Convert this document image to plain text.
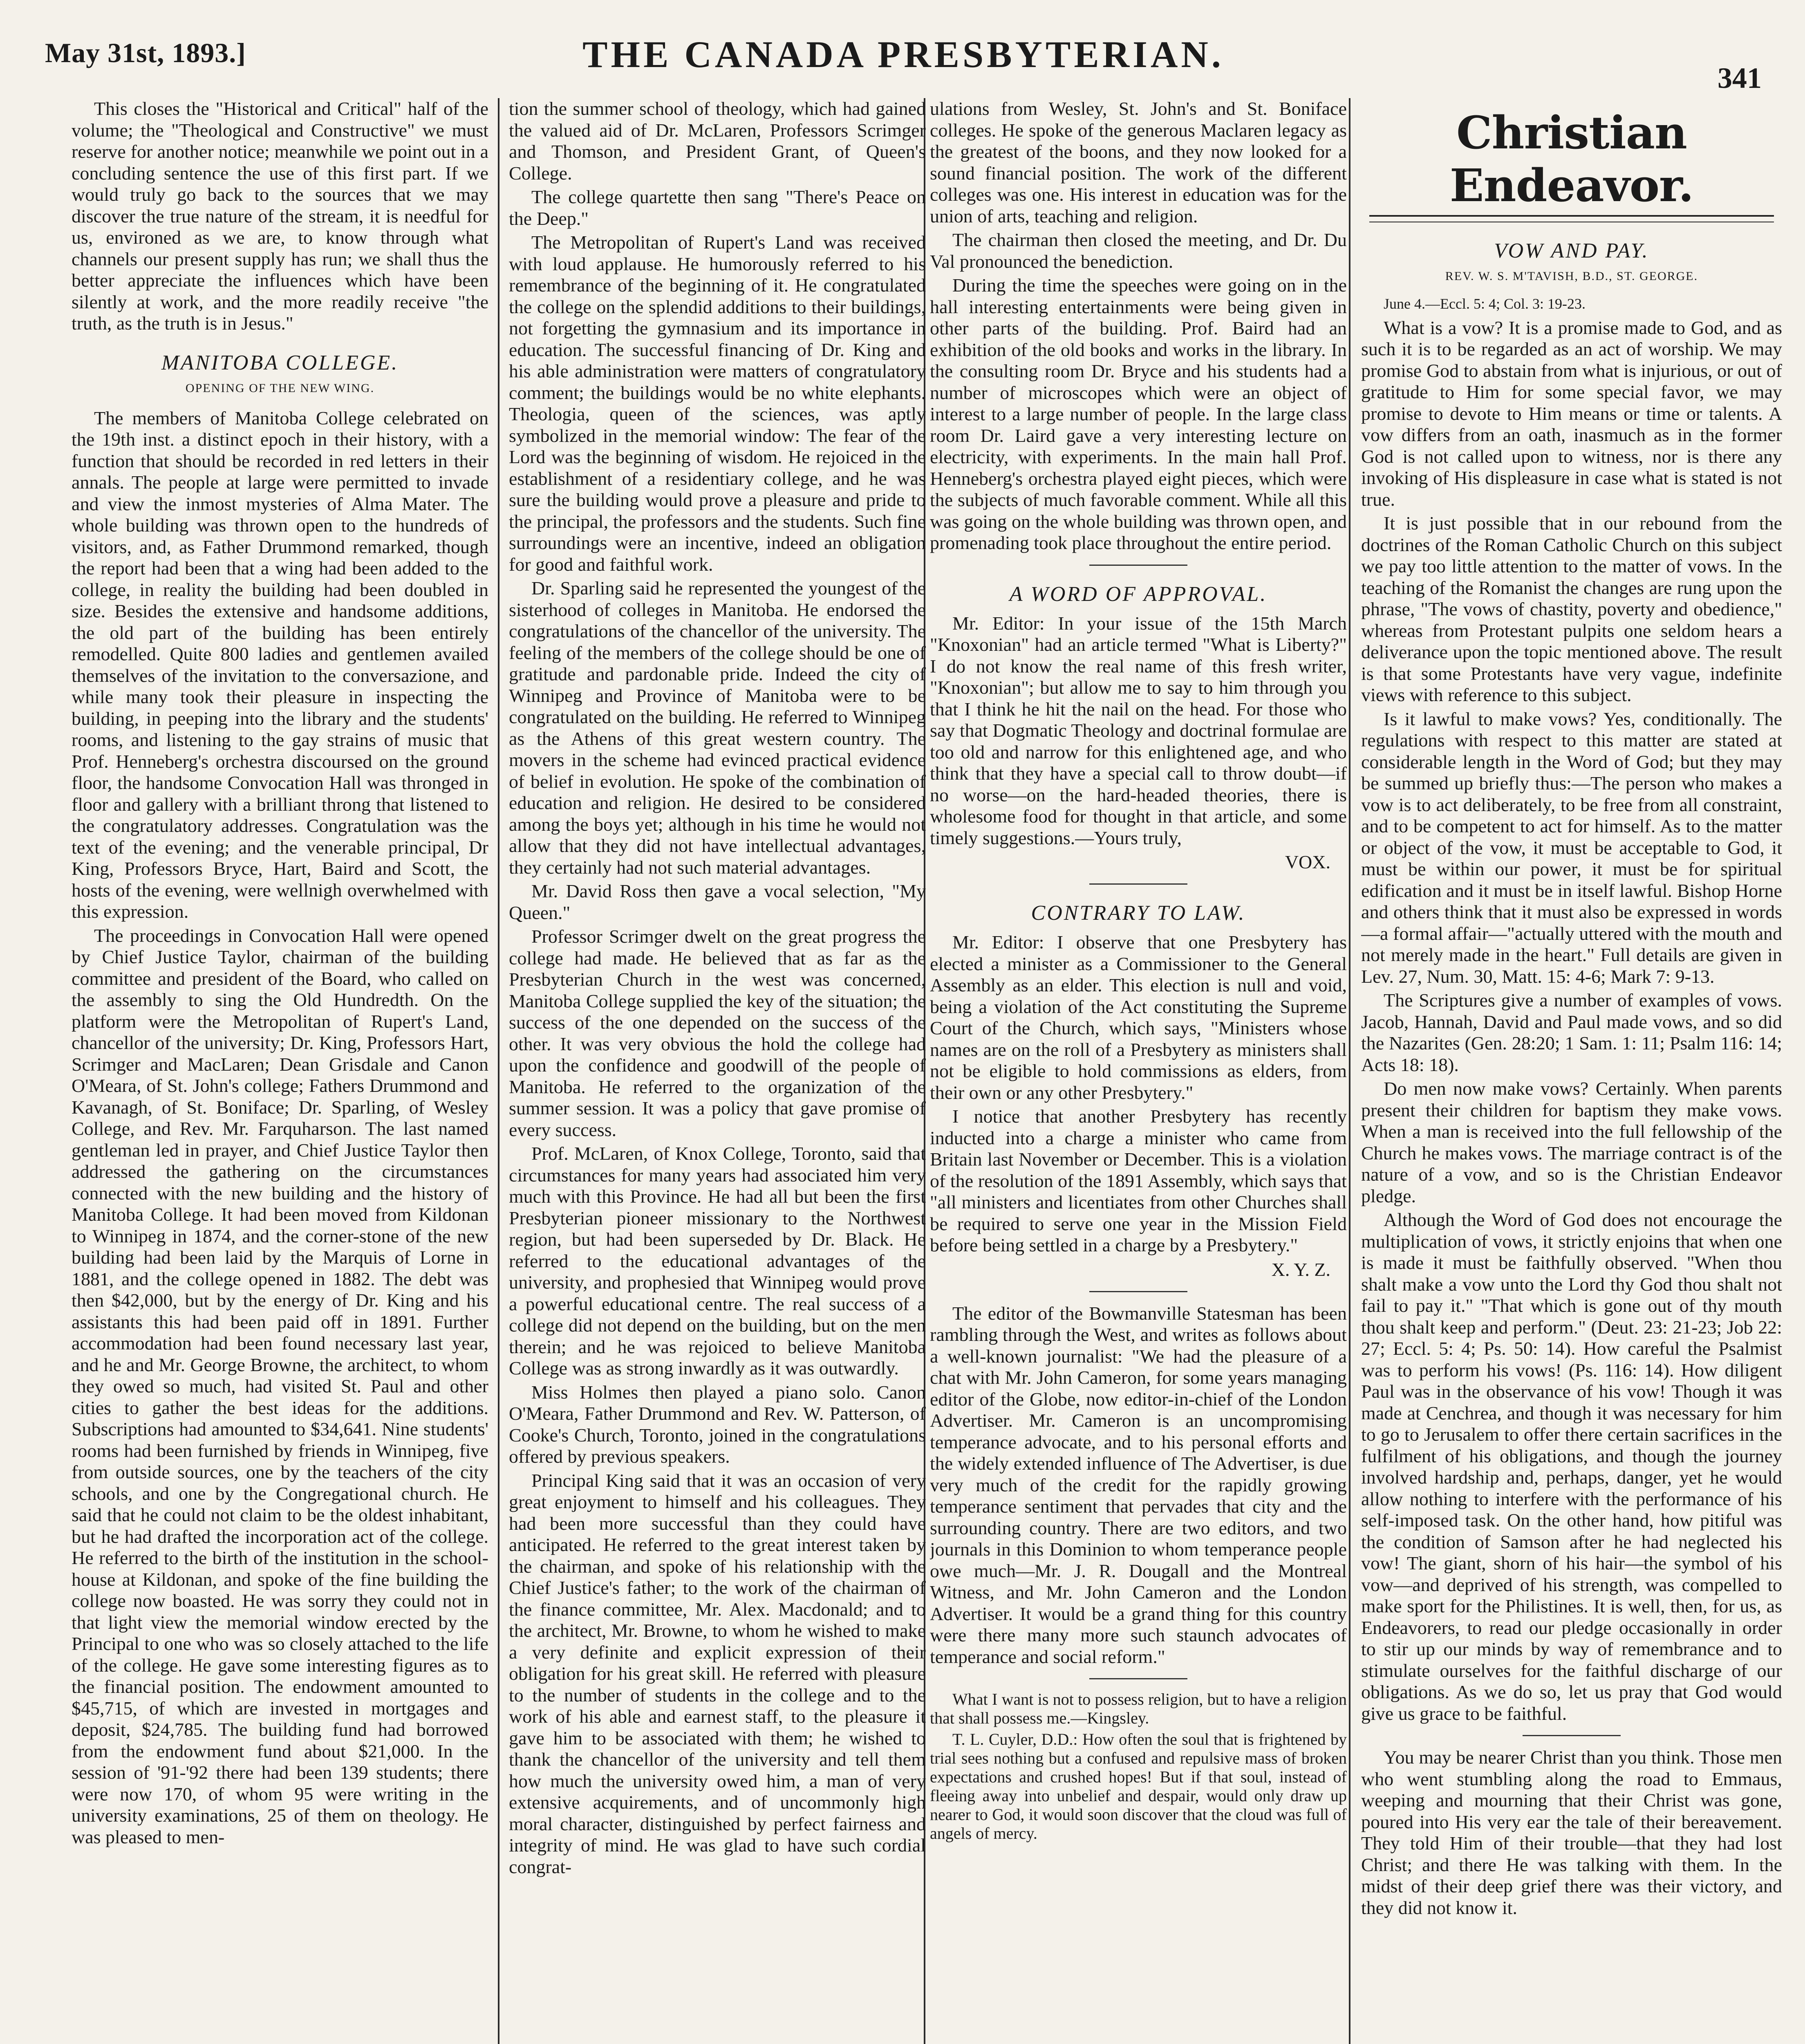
May 31st, 1893.]	THE CANADA PRESBYTERIAN.
341

This closes the "Historical and Critical" half of the volume; the "Theological and Constructive" we must reserve for another notice; meanwhile we point out in a concluding sentence the use of this first part. If we would truly go back to the sources that we may discover the true nature of the stream, it is needful for us, environed as we are, to know through what channels our present supply has run; we shall thus the better appreciate the influences which have been silently at work, and the more readily receive "the truth, as the truth is in Jesus."

MANITOBA COLLEGE.
OPENING OF THE NEW WING.

The members of Manitoba College celebrated on the 19th inst. a distinct epoch in their history, with a function that should be recorded in red letters in their annals. The people at large were permitted to invade and view the inmost mysteries of Alma Mater. The whole building was thrown open to the hundreds of visitors, and, as Father Drummond remarked, though the report had been that a wing had been added to the college, in reality the building had been doubled in size. Besides the extensive and handsome additions, the old part of the building has been entirely remodelled. Quite 800 ladies and gentlemen availed themselves of the invitation to the conversazione, and while many took their pleasure in inspecting the building, in peeping into the library and the students' rooms, and listening to the gay strains of music that Prof. Henneberg's orchestra discoursed on the ground floor, the handsome Convocation Hall was thronged in floor and gallery with a brilliant throng that listened to the congratulatory addresses. Congratulation was the text of the evening; and the venerable principal, Dr King, Professors Bryce, Hart, Baird and Scott, the hosts of the evening, were wellnigh overwhelmed with this expression.

The proceedings in Convocation Hall were opened by Chief Justice Taylor, chairman of the building committee and president of the Board, who called on the assembly to sing the Old Hundredth. On the platform were the Metropolitan of Rupert's Land, chancellor of the university; Dr. King, Professors Hart, Scrimger and MacLaren; Dean Grisdale and Canon O'Meara, of St. John's college; Fathers Drummond and Kavanagh, of St. Boniface; Dr. Sparling, of Wesley College, and Rev. Mr. Farquharson. The last named gentleman led in prayer, and Chief Justice Taylor then addressed the gathering on the circumstances connected with the new building and the history of Manitoba College. It had been moved from Kildonan to Winnipeg in 1874, and the corner-stone of the new building had been laid by the Marquis of Lorne in 1881, and the college opened in 1882. The debt was then $42,000, but by the energy of Dr. King and his assistants this had been paid off in 1891. Further accommodation had been found necessary last year, and he and Mr. George Browne, the architect, to whom they owed so much, had visited St. Paul and other cities to gather the best ideas for the additions. Subscriptions had amounted to $34,641. Nine students' rooms had been furnished by friends in Winnipeg, five from outside sources, one by the teachers of the city schools, and one by the Congregational church. He said that he could not claim to be the oldest inhabitant, but he had drafted the incorporation act of the college. He referred to the birth of the institution in the school-house at Kildonan, and spoke of the fine building the college now boasted. He was sorry they could not in that light view the memorial window erected by the Principal to one who was so closely attached to the life of the college. He gave some interesting figures as to the financial position. The endowment amounted to $45,715, of which are invested in mortgages and deposit, $24,785. The building fund had borrowed from the endowment fund about $21,000. In the session of '91-'92 there had been 139 students; there were now 170, of whom 95 were writing in the university examinations, 25 of them on theology. He was pleased to men-

tion the summer school of theology, which had gained the valued aid of Dr. McLaren, Professors Scrimger and Thomson, and President Grant, of Queen's College.

The college quartette then sang "There's Peace on the Deep."

The Metropolitan of Rupert's Land was received with loud applause. He humorously referred to his remembrance of the beginning of it. He congratulated the college on the splendid additions to their buildings, not forgetting the gymnasium and its importance in education. The successful financing of Dr. King and his able administration were matters of congratulatory comment; the buildings would be no white elephants. Theologia, queen of the sciences, was aptly symbolized in the memorial window: The fear of the Lord was the beginning of wisdom. He rejoiced in the establishment of a residentiary college, and he was sure the building would prove a pleasure and pride to the principal, the professors and the students. Such fine surroundings were an incentive, indeed an obligation for good and faithful work.

Dr. Sparling said he represented the youngest of the sisterhood of colleges in Manitoba. He endorsed the congratulations of the chancellor of the university. The feeling of the members of the college should be one of gratitude and pardonable pride. Indeed the city of Winnipeg and Province of Manitoba were to be congratulated on the building. He referred to Winnipeg as the Athens of this great western country. The movers in the scheme had evinced practical evidence of belief in evolution. He spoke of the combination of education and religion. He desired to be considered among the boys yet; although in his time he would not allow that they did not have intellectual advantages, they certainly had not such material advantages.

Mr. David Ross then gave a vocal selection, "My Queen."

Professor Scrimger dwelt on the great progress the college had made. He believed that as far as the Presbyterian Church in the west was concerned, Manitoba College supplied the key of the situation; the success of the one depended on the success of the other. It was very obvious the hold the college had upon the confidence and goodwill of the people of Manitoba. He referred to the organization of the summer session. It was a policy that gave promise of every success.

Prof. McLaren, of Knox College, Toronto, said that circumstances for many years had associated him very much with this Province. He had all but been the first Presbyterian pioneer missionary to the Northwest region, but had been superseded by Dr. Black. He referred to the educational advantages of the university, and prophesied that Winnipeg would prove a powerful educational centre. The real success of a college did not depend on the building, but on the men therein; and he was rejoiced to believe Manitoba College was as strong inwardly as it was outwardly.

Miss Holmes then played a piano solo. Canon O'Meara, Father Drummond and Rev. W. Patterson, of Cooke's Church, Toronto, joined in the congratulations offered by previous speakers.

Principal King said that it was an occasion of very great enjoyment to himself and his colleagues. They had been more successful than they could have anticipated. He referred to the great interest taken by the chairman, and spoke of his relationship with the Chief Justice's father; to the work of the chairman of the finance committee, Mr. Alex. Macdonald; and to the architect, Mr. Browne, to whom he wished to make a very definite and explicit expression of their obligation for his great skill. He referred with pleasure to the number of students in the college and to the work of his able and earnest staff, to the pleasure it gave him to be associated with them; he wished to thank the chancellor of the university and tell them how much the university owed him, a man of very extensive acquirements, and of uncommonly high moral character, distinguished by perfect fairness and integrity of mind. He was glad to have such cordial congrat-

ulations from Wesley, St. John's and St. Boniface colleges. He spoke of the generous Maclaren legacy as the greatest of the boons, and they now looked for a sound financial position. The work of the different colleges was one. His interest in education was for the union of arts, teaching and religion.

The chairman then closed the meeting, and Dr. Du Val pronounced the benediction.

During the time the speeches were going on in the hall interesting entertainments were being given in other parts of the building. Prof. Baird had an exhibition of the old books and works in the library. In the consulting room Dr. Bryce and his students had a number of microscopes which were an object of interest to a large number of people. In the large class room Dr. Laird gave a very interesting lecture on electricity, with experiments. In the main hall Prof. Henneberg's orchestra played eight pieces, which were the subjects of much favorable comment. While all this was going on the whole building was thrown open, and promenading took place throughout the entire period.

A WORD OF APPROVAL.

Mr. Editor: In your issue of the 15th March "Knoxonian" had an article termed "What is Liberty?" I do not know the real name of this fresh writer, "Knoxonian"; but allow me to say to him through you that I think he hit the nail on the head. For those who say that Dogmatic Theology and doctrinal formulae are too old and narrow for this enlightened age, and who think that they have a special call to throw doubt—if no worse—on the hard-headed theories, there is wholesome food for thought in that article, and some timely suggestions.—Yours truly,

VOX.
CONTRARY TO LAW.

Mr. Editor: I observe that one Presbytery has elected a minister as a Commissioner to the General Assembly as an elder. This election is null and void, being a violation of the Act constituting the Supreme Court of the Church, which says, "Ministers whose names are on the roll of a Presbytery as ministers shall not be eligible to hold commissions as elders, from their own or any other Presbytery."

I notice that another Presbytery has recently inducted into a charge a minister who came from Britain last November or December. This is a violation of the resolution of the 1891 Assembly, which says that "all ministers and licentiates from other Churches shall be required to serve one year in the Mission Field before being settled in a charge by a Presbytery."

X. Y. Z.

The editor of the Bowmanville Statesman has been rambling through the West, and writes as follows about a well-known journalist: "We had the pleasure of a chat with Mr. John Cameron, for some years managing editor of the Globe, now editor-in-chief of the London Advertiser. Mr. Cameron is an uncompromising temperance advocate, and to his personal efforts and the widely extended influence of The Advertiser, is due very much of the credit for the rapidly growing temperance sentiment that pervades that city and the surrounding country. There are two editors, and two journals in this Dominion to whom temperance people owe much—Mr. J. R. Dougall and the Montreal Witness, and Mr. John Cameron and the London Advertiser. It would be a grand thing for this country were there many more such staunch advocates of temperance and social reform."

What I want is not to possess religion, but to have a religion that shall possess me.—Kingsley.

T. L. Cuyler, D.D.: How often the soul that is frightened by trial sees nothing but a confused and repulsive mass of broken expectations and crushed hopes! But if that soul, instead of fleeing away into unbelief and despair, would only draw up nearer to God, it would soon discover that the cloud was full of angels of mercy.

Christian Endeavor.
VOW AND PAY.
REV. W. S. M'TAVISH, B.D., ST. GEORGE.

June 4.—Eccl. 5: 4; Col. 3: 19-23.

What is a vow? It is a promise made to God, and as such it is to be regarded as an act of worship. We may promise God to abstain from what is injurious, or out of gratitude to Him for some special favor, we may promise to devote to Him means or time or talents. A vow differs from an oath, inasmuch as in the former God is not called upon to witness, nor is there any invoking of His displeasure in case what is stated is not true.

It is just possible that in our rebound from the doctrines of the Roman Catholic Church on this subject we pay too little attention to the matter of vows. In the teaching of the Romanist the changes are rung upon the phrase, "The vows of chastity, poverty and obedience," whereas from Protestant pulpits one seldom hears a deliverance upon the topic mentioned above. The result is that some Protestants have very vague, indefinite views with reference to this subject.

Is it lawful to make vows? Yes, conditionally. The regulations with respect to this matter are stated at considerable length in the Word of God; but they may be summed up briefly thus:—The person who makes a vow is to act deliberately, to be free from all constraint, and to be competent to act for himself. As to the matter or object of the vow, it must be acceptable to God, it must be within our power, it must be for spiritual edification and it must be in itself lawful. Bishop Horne and others think that it must also be expressed in words—a formal affair—"actually uttered with the mouth and not merely made in the heart." Full details are given in Lev. 27, Num. 30, Matt. 15: 4-6; Mark 7: 9-13.

The Scriptures give a number of examples of vows. Jacob, Hannah, David and Paul made vows, and so did the Nazarites (Gen. 28:20; 1 Sam. 1: 11; Psalm 116: 14; Acts 18: 18).

Do men now make vows? Certainly. When parents present their children for baptism they make vows. When a man is received into the full fellowship of the Church he makes vows. The marriage contract is of the nature of a vow, and so is the Christian Endeavor pledge.

Although the Word of God does not encourage the multiplication of vows, it strictly enjoins that when one is made it must be faithfully observed. "When thou shalt make a vow unto the Lord thy God thou shalt not fail to pay it." "That which is gone out of thy mouth thou shalt keep and perform." (Deut. 23: 21-23; Job 22: 27; Eccl. 5: 4; Ps. 50: 14). How careful the Psalmist was to perform his vows! (Ps. 116: 14). How diligent Paul was in the observance of his vow! Though it was made at Cenchrea, and though it was necessary for him to go to Jerusalem to offer there certain sacrifices in the fulfilment of his obligations, and though the journey involved hardship and, perhaps, danger, yet he would allow nothing to interfere with the performance of his self-imposed task. On the other hand, how pitiful was the condition of Samson after he had neglected his vow! The giant, shorn of his hair—the symbol of his vow—and deprived of his strength, was compelled to make sport for the Philistines. It is well, then, for us, as Endeavorers, to read our pledge occasionally in order to stir up our minds by way of remembrance and to stimulate ourselves for the faithful discharge of our obligations. As we do so, let us pray that God would give us grace to be faithful.

You may be nearer Christ than you think. Those men who went stumbling along the road to Emmaus, weeping and mourning that their Christ was gone, poured into His very ear the tale of their bereavement. They told Him of their trouble—that they had lost Christ; and there He was talking with them. In the midst of their deep grief there was their victory, and they did not know it.
